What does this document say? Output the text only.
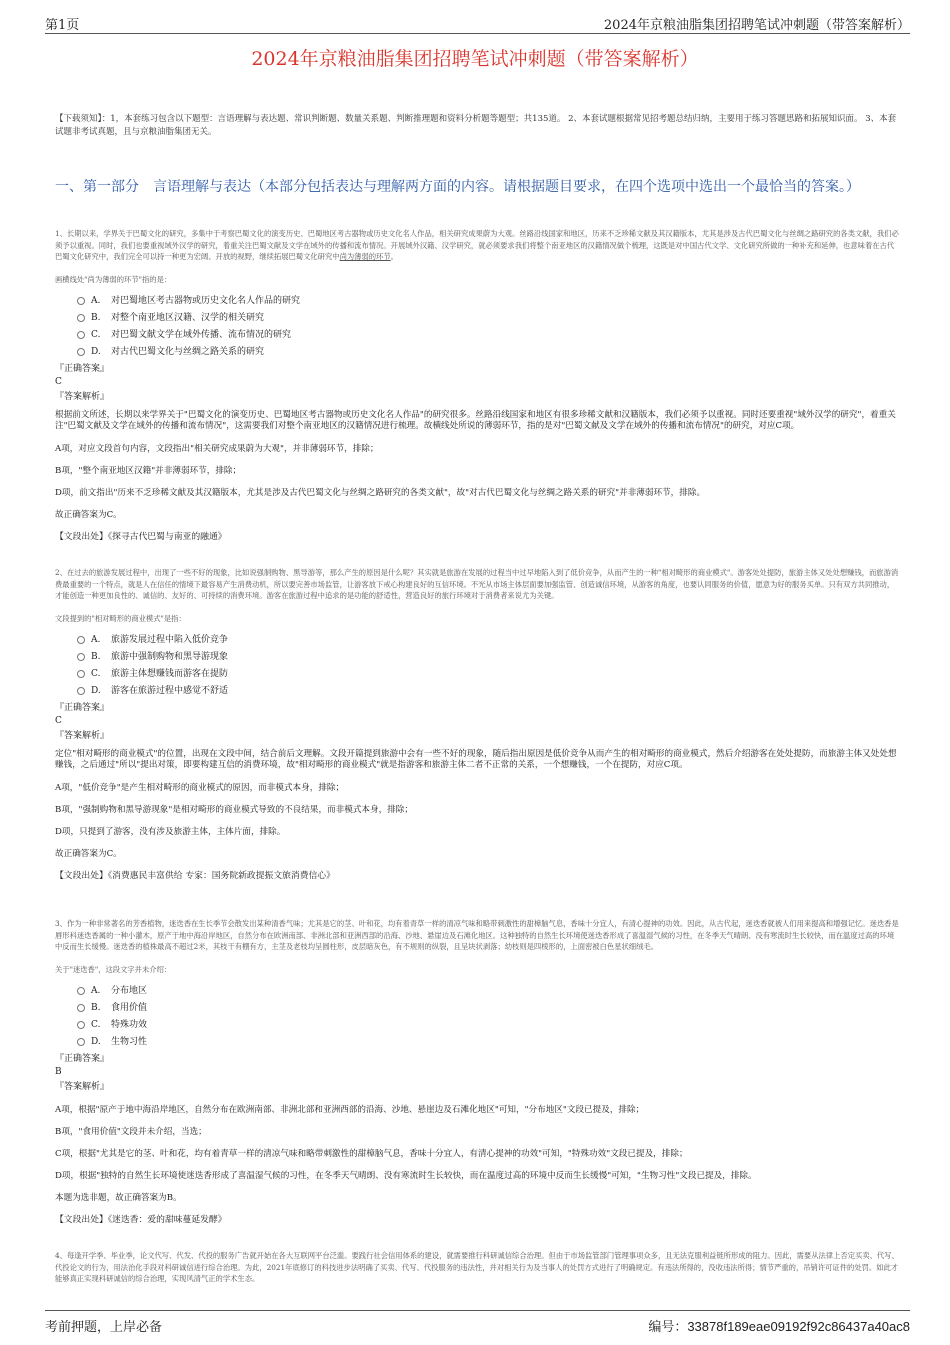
第1页	2024年京粮油脂集团招聘笔试冲刺题（带答案解析）
2024年京粮油脂集团招聘笔试冲刺题（带答案解析）
【下载须知】：1，本套练习包含以下题型：言语理解与表达题、常识判断题、数量关系题、判断推理题和资料分析题等题型；共135道。 2、本套试题根据常见招考题总结归纳，主要用于练习答题思路和拓展知识面。 3、本套试题非考试真题，且与京粮油脂集团无关。
一、第一部分　言语理解与表达（本部分包括表达与理解两方面的内容。请根据题目要求，在四个选项中选出一个最恰当的答案。）
1、长期以来，学界关于巴蜀文化的研究，多集中于考察巴蜀文化的演变历史、巴蜀地区考古器物或历史文化名人作品，相关研究成果蔚为大观。丝路沿线国家和地区，历来不乏珍稀文献及其汉籍版本，尤其是涉及古代巴蜀文化与丝绸之路研究的各类文献，我们必须予以重视。同时，我们也要重视域外汉学的研究，着重关注巴蜀文献及文学在域外的传播和流布情况。开展域外汉籍、汉学研究，就必须要求我们将整个南亚地区的汉籍情况做个梳理，这既是对中国古代文学、文化研究所做的一种补充和延伸，也意味着在古代巴蜀文化研究中，我们完全可以持一种更为宏阔、开放的视野，继续拓展巴蜀文化研究中尚为薄弱的环节。
画横线处"尚为薄弱的环节"指的是：
A.	对巴蜀地区考古器物或历史文化名人作品的研究
B.	对整个南亚地区汉籍、汉学的相关研究
C.	对巴蜀文献文学在域外传播、流布情况的研究
D.	对古代巴蜀文化与丝绸之路关系的研究
『正确答案』
C
『答案解析』
根据前文所述，长期以来学界关于"巴蜀文化的演变历史、巴蜀地区考古器物或历史文化名人作品"的研究很多。丝路沿线国家和地区有很多珍稀文献和汉籍版本，我们必须予以重视。同时还要重视"域外汉学的研究"，着重关注"巴蜀文献及文学在域外的传播和流布情况"，这需要我们对整个南亚地区的汉籍情况进行梳理。故横线处所说的薄弱环节，指的是对"巴蜀文献及文学在域外的传播和流布情况"的研究，对应C项。
A项，对应文段首句内容，文段指出"相关研究成果蔚为大观"，并非薄弱环节，排除；
B项，"整个南亚地区汉籍"并非薄弱环节，排除；
D项，前文指出"历来不乏珍稀文献及其汉籍版本，尤其是涉及古代巴蜀文化与丝绸之路研究的各类文献"，故"对古代巴蜀文化与丝绸之路关系的研究"并非薄弱环节，排除。
故正确答案为C。
【文段出处】《探寻古代巴蜀与南亚的融通》
2、在过去的旅游发展过程中，出现了一些不好的现象，比如说强制购物、黑导游等，那么产生的原因是什么呢？其实就是旅游在发展的过程当中过早地陷入到了低价竞争，从而产生的一种"相对畸形的商业模式"。游客处处提防，旅游主体又处处想赚钱，而旅游消费最重要的一个特点，就是人在信任的情境下最容易产生消费动机，所以要完善市场监管，让游客放下戒心构建良好的互信环境。不光从市场主体层面要加强监管、创造诚信环境，从游客的角度，也要认同服务的价值，愿意为好的服务买单。只有双方共同推动，才能创造一种更加良性的、诚信的、友好的、可持续的消费环境。游客在旅游过程中追求的是功能的舒适性，营造良好的旅行环境对于消费者来说尤为关键。
文段提到的"相对畸形的商业模式"是指：
A.	旅游发展过程中陷入低价竞争
B.	旅游中强制购物和黑导游现象
C.	旅游主体想赚钱而游客在提防
D.	游客在旅游过程中感觉不舒适
『正确答案』
C
『答案解析』
定位"相对畸形的商业模式"的位置，出现在文段中间，结合前后文理解。文段开篇提到旅游中会有一些不好的现象，随后指出原因是低价竞争从而产生的相对畸形的商业模式，然后介绍游客在处处提防，而旅游主体又处处想赚钱，之后通过"所以"提出对策，即要构建互信的消费环境，故"相对畸形的商业模式"就是指游客和旅游主体二者不正常的关系，一个想赚钱，一个在提防，对应C项。
A项，"低价竞争"是产生相对畸形的商业模式的原因，而非模式本身，排除；
B项，"强制购物和黑导游现象"是相对畸形的商业模式导致的不良结果，而非模式本身，排除；
D项，只提到了游客，没有涉及旅游主体，主体片面，排除。
故正确答案为C。
【文段出处】《消费惠民丰富供给 专家：国务院新政提振文旅消费信心》
3、作为一种非常著名的芳香植物，迷迭香在生长季节会散发出某种清香气味；尤其是它的茎、叶和花，均有着青草一样的清凉气味和略带刺激性的甜樟脑气息，香味十分宜人，有清心提神的功效。因此，从古代起，迷迭香就被人们用来提高和增强记忆。迷迭香是唇形科迷迭香属的一种小灌木，原产于地中海沿岸地区，自然分布在欧洲南部、非洲北部和亚洲西部的沿海、沙地、悬崖边及石滩化地区。这种独特的自然生长环境使迷迭香形成了喜温湿气候的习性，在冬季天气晴朗、没有寒流时生长较快，而在温度过高的环境中反而生长缓慢。迷迭香的植株最高不超过2米，其枝干有棚有方，主茎及老枝均呈圆柱形，皮层暗灰色，有不规则的纵裂，且呈块状剥落；幼枝则是四棱形的，上面密被白色星状细绒毛。
关于"迷迭香"，这段文字并未介绍：
A.	分布地区
B.	食用价值
C.	特殊功效
D.	生物习性
『正确答案』
B
『答案解析』
A项，根据"原产于地中海沿岸地区，自然分布在欧洲南部、非洲北部和亚洲西部的沿海、沙地、悬崖边及石滩化地区"可知，"分布地区"文段已提及，排除；
B项，"食用价值"文段并未介绍，当选；
C项，根据"尤其是它的茎、叶和花，均有着青草一样的清凉气味和略带刺激性的甜樟脑气息，香味十分宜人，有清心提神的功效"可知，"特殊功效"文段已提及，排除；
D项，根据"独特的自然生长环境使迷迭香形成了喜温湿气候的习性，在冬季天气晴朗、没有寒流时生长较快，而在温度过高的环境中反而生长缓慢"可知，"生物习性"文段已提及，排除。
本题为选非题，故正确答案为B。
【文段出处】《迷迭香：爱的甜味蔓延发酵》
4、每逢开学季、毕业季，论文代写、代发、代投的服务广告就开始在各大互联网平台泛滥。要践行社会信用体系的建设，就需要推行科研诚信综合治理。但由于市场监管部门管理事项众多，且无法克服利益链所形成的阻力。因此，需要从法律上否定买卖、代写、代投论文的行为，用法治化手段对科研诚信进行综合治理。为此，2021年底修订的科技进步法明确了买卖、代写、代投服务的违法性，并对相关行为及当事人的处罚方式进行了明确规定。有违法所得的，没收违法所得；情节严重的，吊销许可证件的处罚。如此才能够真正实现科研诚信的综合治理，实现风清气正的学术生态。
考前押题，上岸必备	编号：33878f189eae09192f92c86437a40ac8
